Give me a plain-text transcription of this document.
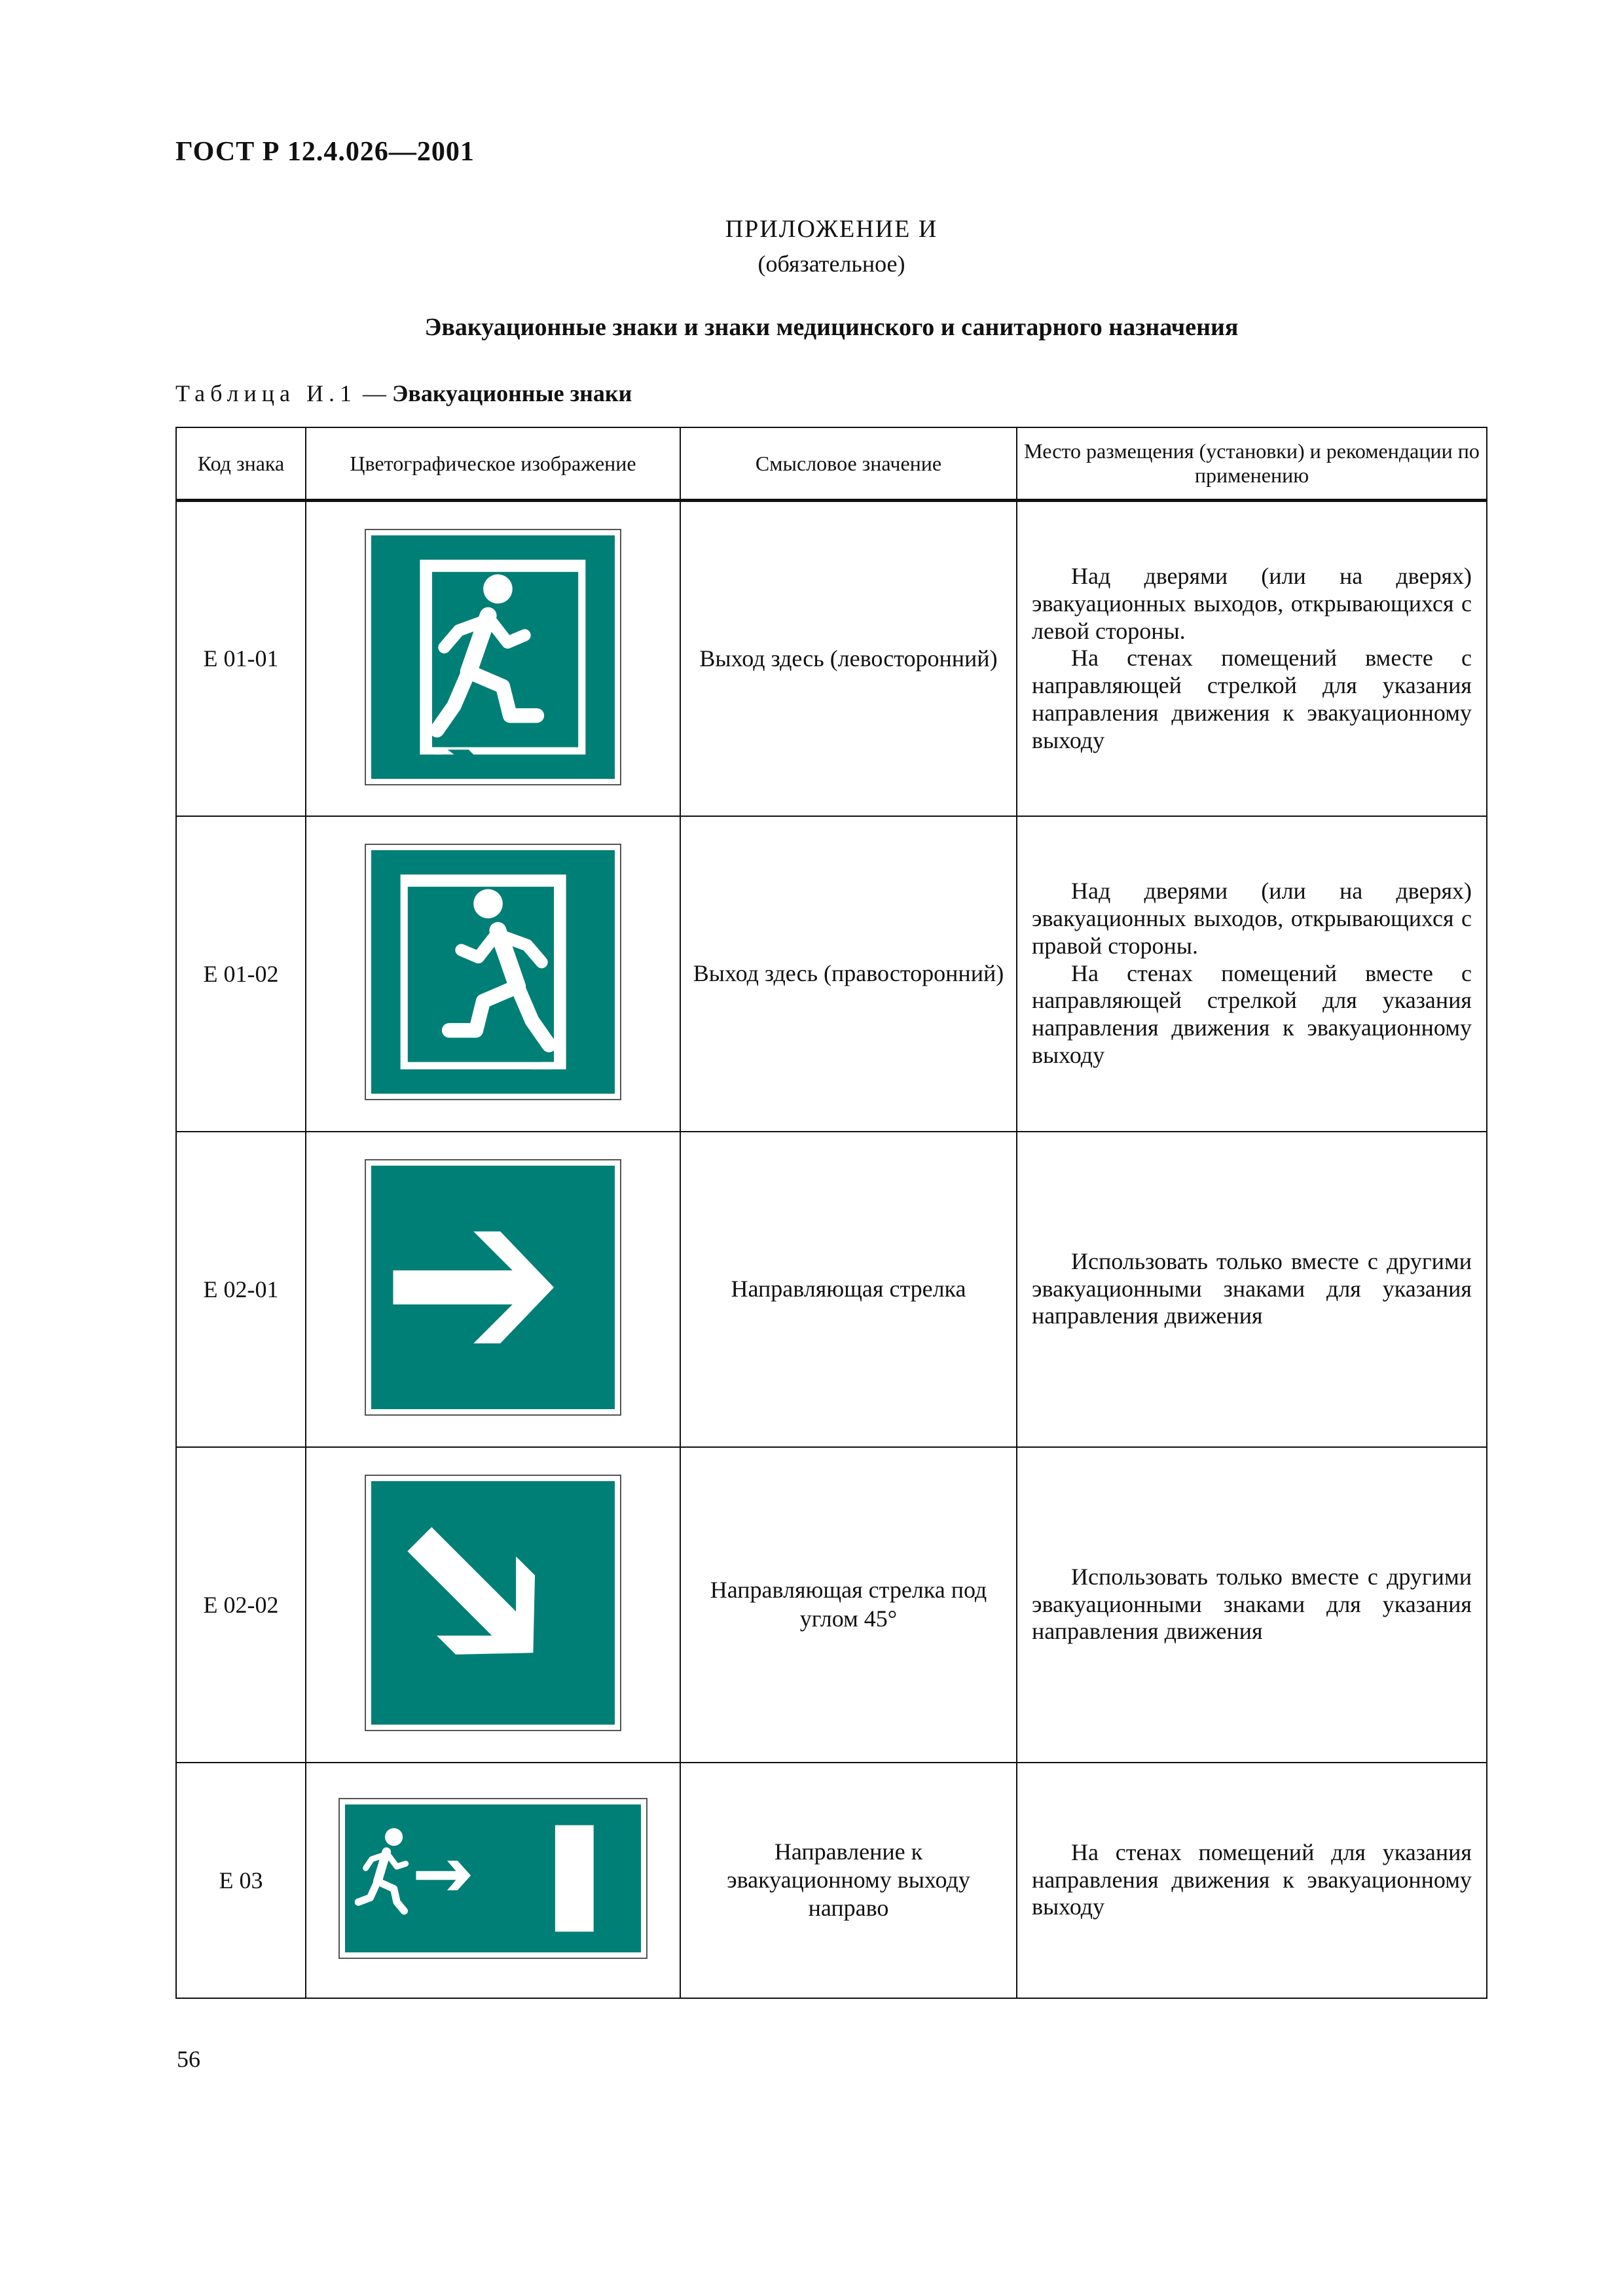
ГОСТ Р 12.4.026—2001
ПРИЛОЖЕНИЕ И
(обязательное)
Эвакуационные знаки и знаки медицинского и санитарного назначения
Таблица И.1 — Эвакуационные знаки
Код знака	Цветографическое изображение	Смысловое значение	Место размещения (установки) и рекомендации по применению
Е 01-01		Выход здесь (левосторонний)	Над дверями (или на дверях) эвакуационных выходов, открывающихся с левой стороны.

На стенах помещений вместе с направляющей стрелкой для указания направления движения к эвакуационному выходу

Е 01-02		Выход здесь (правосторонний)	Над дверями (или на дверях) эвакуационных выходов, открывающихся с правой стороны.

На стенах помещений вместе с направляющей стрелкой для указания направления движения к эвакуационному выходу

Е 02-01		Направляющая стрелка	Использовать только вместе с другими эвакуационными знаками для указания направления движения

Е 02-02		Направляющая стрелка под углом 45°	Использовать только вместе с другими эвакуационными знаками для указания направления движения

Е 03		Направление к эвакуационному выходу направо	На стенах помещений для указания направления движения к эвакуационному выходу

56
